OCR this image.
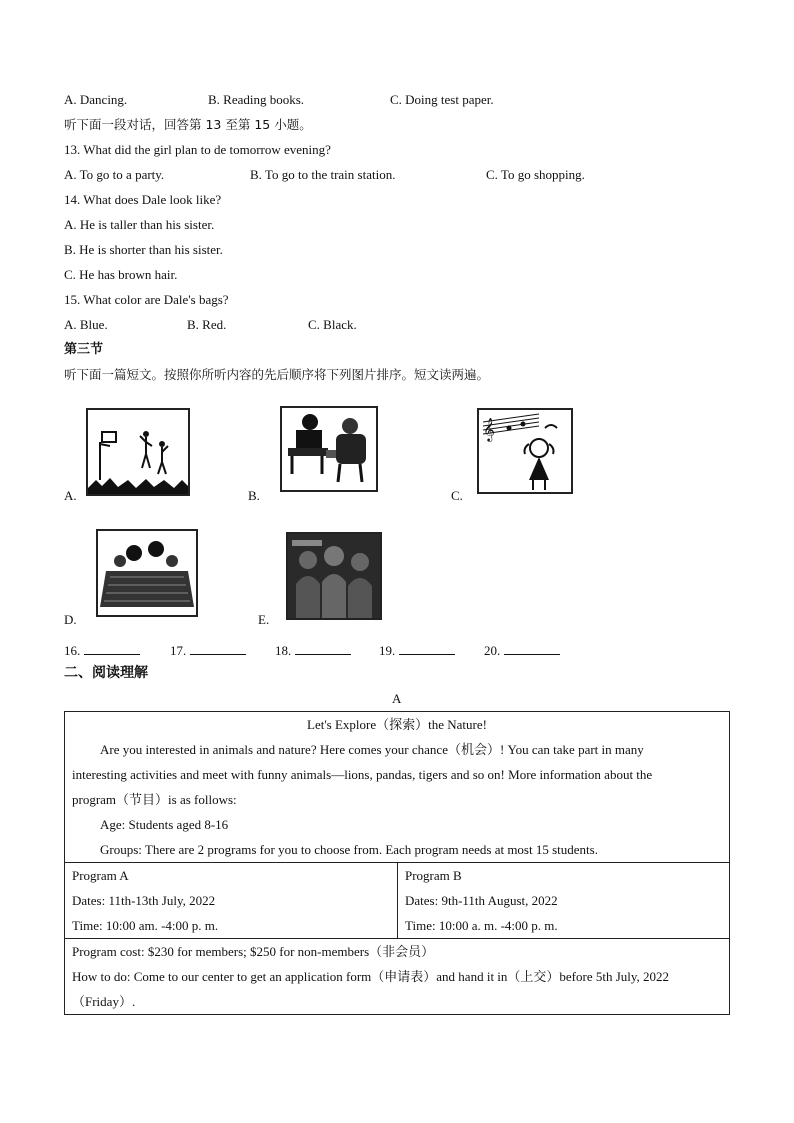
A. Dancing.	B. Reading books.	C. Doing test paper.
听下面一段对话，回答第 13 至第 15 小题。
13. What did the girl plan to de tomorrow evening?
A. To go to a party.	B. To go to the train station.	C. To go shopping.
14. What does Dale look like?
A. He is taller than his sister.
B. He is shorter than his sister.
C. He has brown hair.
15. What color are Dale's bags?
A. Blue.	B. Red.	C. Black.
第三节
听下面一篇短文。按照你所听内容的先后顺序将下列图片排序。短文读两遍。
A.	B.
𝄞
C.
D.	E.
16.	17.	18.	19.	20.
二、阅读理解
A
Let's Explore（探索）the Nature!
Are you interested in animals and nature? Here comes your chance（机会）! You can take part in many
interesting activities and meet with funny animals—lions, pandas, tigers and so on! More information about the
program（节目）is as follows:
Age: Students aged 8-16
Groups: There are 2 programs for you to choose from. Each program needs at most 15 students.

Program A
Dates: 11th-13th July, 2022
Time: 10:00 am. -4:00 p. m.

Program B
Dates: 9th-11th August, 2022
Time: 10:00 a. m. -4:00 p. m.

Program cost: $230 for members; $250 for non-members（非会员）
How to do: Come to our center to get an application form（申请表）and hand it in（上交）before 5th July, 2022
（Friday）.
